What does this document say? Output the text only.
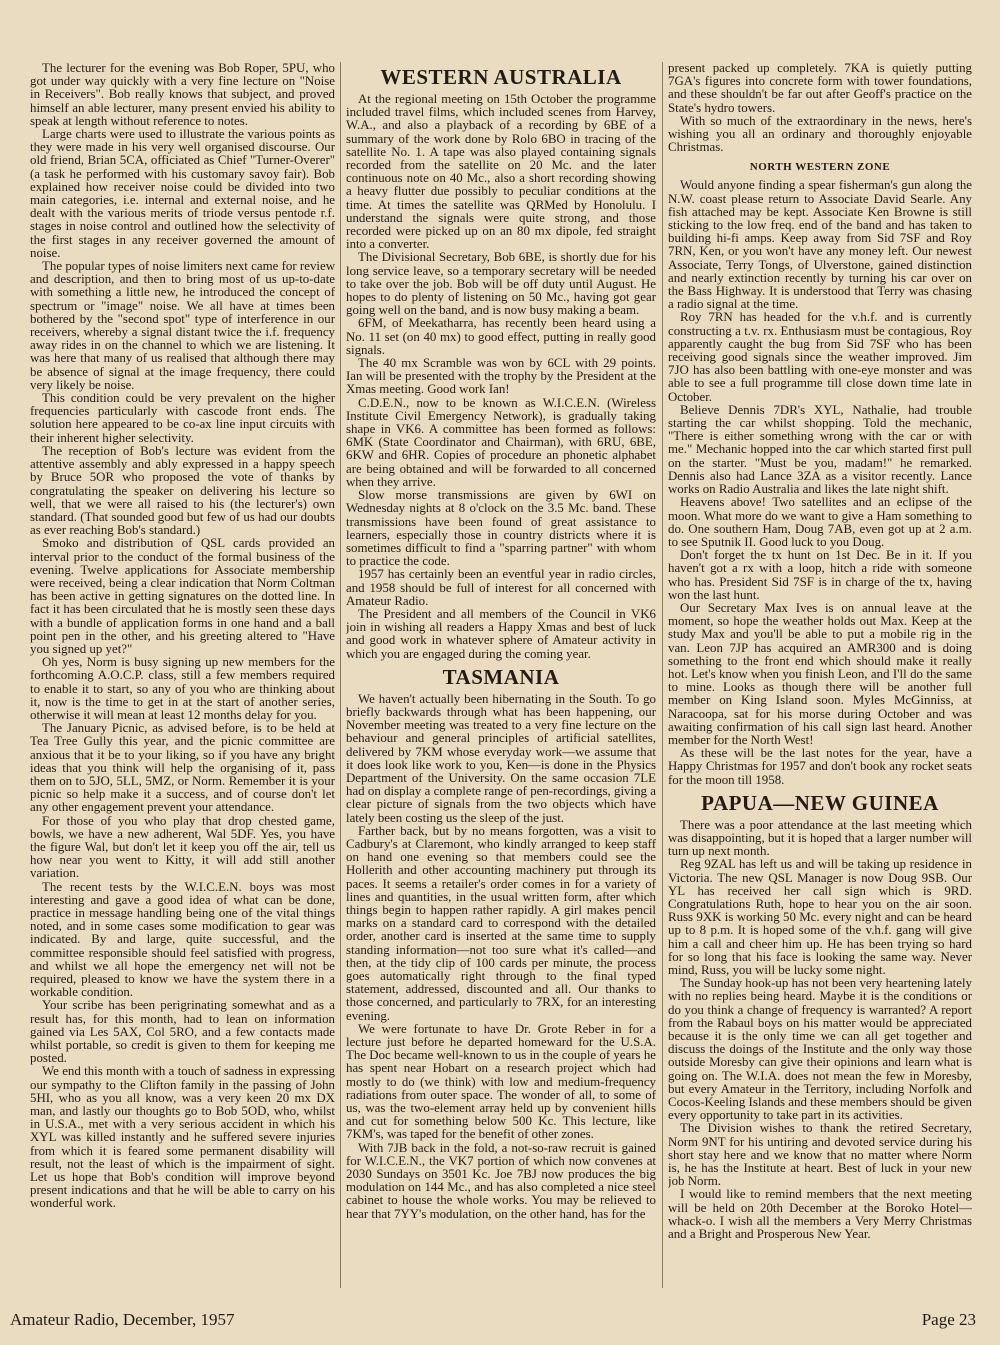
The lecturer for the evening was Bob Roper, 5PU, who got under way quickly with a very fine lecture on "Noise in Receivers". Bob really knows that subject, and proved himself an able lecturer, many present envied his ability to speak at length without reference to notes.

Large charts were used to illustrate the various points as they were made in his very well organised discourse. Our old friend, Brian 5CA, officiated as Chief "Turner-Overer" (a task he performed with his customary savoy fair). Bob explained how receiver noise could be divided into two main categories, i.e. internal and external noise, and he dealt with the various merits of triode versus pentode r.f. stages in noise control and outlined how the selectivity of the first stages in any receiver governed the amount of noise.

The popular types of noise limiters next came for review and description, and then to bring most of us up-to-date with something a little new, he introduced the concept of spectrum or "image" noise. We all have at times been bothered by the "second spot" type of interference in our receivers, whereby a signal distant twice the i.f. frequency away rides in on the channel to which we are listening. It was here that many of us realised that although there may be absence of signal at the image frequency, there could very likely be noise.

This condition could be very prevalent on the higher frequencies particularly with cascode front ends. The solution here appeared to be co-ax line input circuits with their inherent higher selectivity.

The reception of Bob's lecture was evident from the attentive assembly and ably expressed in a happy speech by Bruce 5OR who proposed the vote of thanks by congratulating the speaker on delivering his lecture so well, that we were all raised to his (the lecturer's) own standard. (That sounded good but few of us had our doubts as ever reaching Bob's standard.)

Smoko and distribution of QSL cards provided an interval prior to the conduct of the formal business of the evening. Twelve applications for Associate membership were received, being a clear indication that Norm Coltman has been active in getting signatures on the dotted line. In fact it has been circulated that he is mostly seen these days with a bundle of application forms in one hand and a ball point pen in the other, and his greeting altered to "Have you signed up yet?"

Oh yes, Norm is busy signing up new members for the forthcoming A.O.C.P. class, still a few members required to enable it to start, so any of you who are thinking about it, now is the time to get in at the start of another series, otherwise it will mean at least 12 months delay for you.

The January Picnic, as advised before, is to be held at Tea Tree Gully this year, and the picnic committee are anxious that it be to your liking, so if you have any bright ideas that you think will help the organising of it, pass them on to 5JO, 5LL, 5MZ, or Norm. Remember it is your picnic so help make it a success, and of course don't let any other engagement prevent your attendance.

For those of you who play that drop chested game, bowls, we have a new adherent, Wal 5DF. Yes, you have the figure Wal, but don't let it keep you off the air, tell us how near you went to Kitty, it will add still another variation.

The recent tests by the W.I.C.E.N. boys was most interesting and gave a good idea of what can be done, practice in message handling being one of the vital things noted, and in some cases some modification to gear was indicated. By and large, quite successful, and the committee responsible should feel satisfied with progress, and whilst we all hope the emergency net will not be required, pleased to know we have the system there in a workable condition.

Your scribe has been perigrinating somewhat and as a result has, for this month, had to lean on information gained via Les 5AX, Col 5RO, and a few contacts made whilst portable, so credit is given to them for keeping me posted.

We end this month with a touch of sadness in expressing our sympathy to the Clifton family in the passing of John 5HI, who as you all know, was a very keen 20 mx DX man, and lastly our thoughts go to Bob 5OD, who, whilst in U.S.A., met with a very serious accident in which his XYL was killed instantly and he suffered severe injuries from which it is feared some permanent disability will result, not the least of which is the impairment of sight. Let us hope that Bob's condition will improve beyond present indications and that he will be able to carry on his wonderful work.

WESTERN AUSTRALIA

At the regional meeting on 15th October the programme included travel films, which included scenes from Harvey, W.A., and also a playback of a recording by 6BE of a summary of the work done by Rolo 6BO in tracing of the satellite No. 1. A tape was also played containing signals recorded from the satellite on 20 Mc. and the later continuous note on 40 Mc., also a short recording showing a heavy flutter due possibly to peculiar conditions at the time. At times the satellite was QRMed by Honolulu. I understand the signals were quite strong, and those recorded were picked up on an 80 mx dipole, fed straight into a converter.

The Divisional Secretary, Bob 6BE, is shortly due for his long service leave, so a temporary secretary will be needed to take over the job. Bob will be off duty until August. He hopes to do plenty of listening on 50 Mc., having got gear going well on the band, and is now busy making a beam.

6FM, of Meekatharra, has recently been heard using a No. 11 set (on 40 mx) to good effect, putting in really good signals.

The 40 mx Scramble was won by 6CL with 29 points. Ian will be presented with the trophy by the President at the Xmas meeting. Good work Ian!

C.D.E.N., now to be known as W.I.C.E.N. (Wireless Institute Civil Emergency Network), is gradually taking shape in VK6. A committee has been formed as follows: 6MK (State Coordinator and Chairman), with 6RU, 6BE, 6KW and 6HR. Copies of procedure an phonetic alphabet are being obtained and will be forwarded to all concerned when they arrive.

Slow morse transmissions are given by 6WI on Wednesday nights at 8 o'clock on the 3.5 Mc. band. These transmissions have been found of great assistance to learners, especially those in country districts where it is sometimes difficult to find a "sparring partner" with whom to practice the code.

1957 has certainly been an eventful year in radio circles, and 1958 should be full of interest for all concerned with Amateur Radio.

The President and all members of the Council in VK6 join in wishing all readers a Happy Xmas and best of luck and good work in whatever sphere of Amateur activity in which you are engaged during the coming year.

TASMANIA

We haven't actually been hibernating in the South. To go briefly backwards through what has been happening, our November meeting was treated to a very fine lecture on the behaviour and general principles of artificial satellites, delivered by 7KM whose everyday work—we assume that it does look like work to you, Ken—is done in the Physics Department of the University. On the same occasion 7LE had on display a complete range of pen-recordings, giving a clear picture of signals from the two objects which have lately been costing us the sleep of the just.

Farther back, but by no means forgotten, was a visit to Cadbury's at Claremont, who kindly arranged to keep staff on hand one evening so that members could see the Hollerith and other accounting machinery put through its paces. It seems a retailer's order comes in for a variety of lines and quantities, in the usual written form, after which things begin to happen rather rapidly. A girl makes pencil marks on a standard card to correspond with the detailed order, another card is inserted at the same time to supply standing information—not too sure what it's called—and then, at the tidy clip of 100 cards per minute, the process goes automatically right through to the final typed statement, addressed, discounted and all. Our thanks to those concerned, and particularly to 7RX, for an interesting evening.

We were fortunate to have Dr. Grote Reber in for a lecture just before he departed homeward for the U.S.A. The Doc became well-known to us in the couple of years he has spent near Hobart on a research project which had mostly to do (we think) with low and medium-frequency radiations from outer space. The wonder of all, to some of us, was the two-element array held up by convenient hills and cut for something below 500 Kc. This lecture, like 7KM's, was taped for the benefit of other zones.

With 7JB back in the fold, a not-so-raw recruit is gained for W.I.C.E.N., the VK7 portion of which now convenes at 2030 Sundays on 3501 Kc. Joe 7BJ now produces the big modulation on 144 Mc., and has also completed a nice steel cabinet to house the whole works. You may be relieved to hear that 7YY's modulation, on the other hand, has for the

present packed up completely. 7KA is quietly putting 7GA's figures into concrete form with tower foundations, and these shouldn't be far out after Geoff's practice on the State's hydro towers.

With so much of the extraordinary in the news, here's wishing you all an ordinary and thoroughly enjoyable Christmas.

NORTH WESTERN ZONE

Would anyone finding a spear fisherman's gun along the N.W. coast please return to Associate David Searle. Any fish attached may be kept. Associate Ken Browne is still sticking to the low freq. end of the band and has taken to building hi-fi amps. Keep away from Sid 7SF and Roy 7RN, Ken, or you won't have any money left. Our newest Associate, Terry Tongs, of Ulverstone, gained distinction and nearly extinction recently by turning his car over on the Bass Highway. It is understood that Terry was chasing a radio signal at the time.

Roy 7RN has headed for the v.h.f. and is currently constructing a t.v. rx. Enthusiasm must be contagious, Roy apparently caught the bug from Sid 7SF who has been receiving good signals since the weather improved. Jim 7JO has also been battling with one-eye monster and was able to see a full programme till close down time late in October.

Believe Dennis 7DR's XYL, Nathalie, had trouble starting the car whilst shopping. Told the mechanic, "There is either something wrong with the car or with me." Mechanic hopped into the car which started first pull on the starter. "Must be you, madam!" he remarked. Dennis also had Lance 3ZA as a visitor recently. Lance works on Radio Australia and likes the late night shift.

Heavens above! Two satellites and an eclipse of the moon. What more do we want to give a Ham something to do. One southern Ham, Doug 7AB, even got up at 2 a.m. to see Sputnik II. Good luck to you Doug.

Don't forget the tx hunt on 1st Dec. Be in it. If you haven't got a rx with a loop, hitch a ride with someone who has. President Sid 7SF is in charge of the tx, having won the last hunt.

Our Secretary Max Ives is on annual leave at the moment, so hope the weather holds out Max. Keep at the study Max and you'll be able to put a mobile rig in the van. Leon 7JP has acquired an AMR300 and is doing something to the front end which should make it really hot. Let's know when you finish Leon, and I'll do the same to mine. Looks as though there will be another full member on King Island soon. Myles McGinniss, at Naracoopa, sat for his morse during October and was awaiting confirmation of his call sign last heard. Another member for the North West!

As these will be the last notes for the year, have a Happy Christmas for 1957 and don't book any rocket seats for the moon till 1958.

PAPUA—NEW GUINEA

There was a poor attendance at the last meeting which was disappointing, but it is hoped that a larger number will turn up next month.

Reg 9ZAL has left us and will be taking up residence in Victoria. The new QSL Manager is now Doug 9SB. Our YL has received her call sign which is 9RD. Congratulations Ruth, hope to hear you on the air soon. Russ 9XK is working 50 Mc. every night and can be heard up to 8 p.m. It is hoped some of the v.h.f. gang will give him a call and cheer him up. He has been trying so hard for so long that his face is looking the same way. Never mind, Russ, you will be lucky some night.

The Sunday hook-up has not been very heartening lately with no replies being heard. Maybe it is the conditions or do you think a change of frequency is warranted? A report from the Rabaul boys on his matter would be appreciated because it is the only time we can all get together and discuss the doings of the Institute and the only way those outside Moresby can give their opinions and learn what is going on. The W.I.A. does not mean the few in Moresby, but every Amateur in the Territory, including Norfolk and Cocos-Keeling Islands and these members should be given every opportunity to take part in its activities.

The Division wishes to thank the retired Secretary, Norm 9NT for his untiring and devoted service during his short stay here and we know that no matter where Norm is, he has the Institute at heart. Best of luck in your new job Norm.

I would like to remind members that the next meeting will be held on 20th December at the Boroko Hotel—whack-o. I wish all the members a Very Merry Christmas and a Bright and Prosperous New Year.

Amateur Radio, December, 1957	Page 23
